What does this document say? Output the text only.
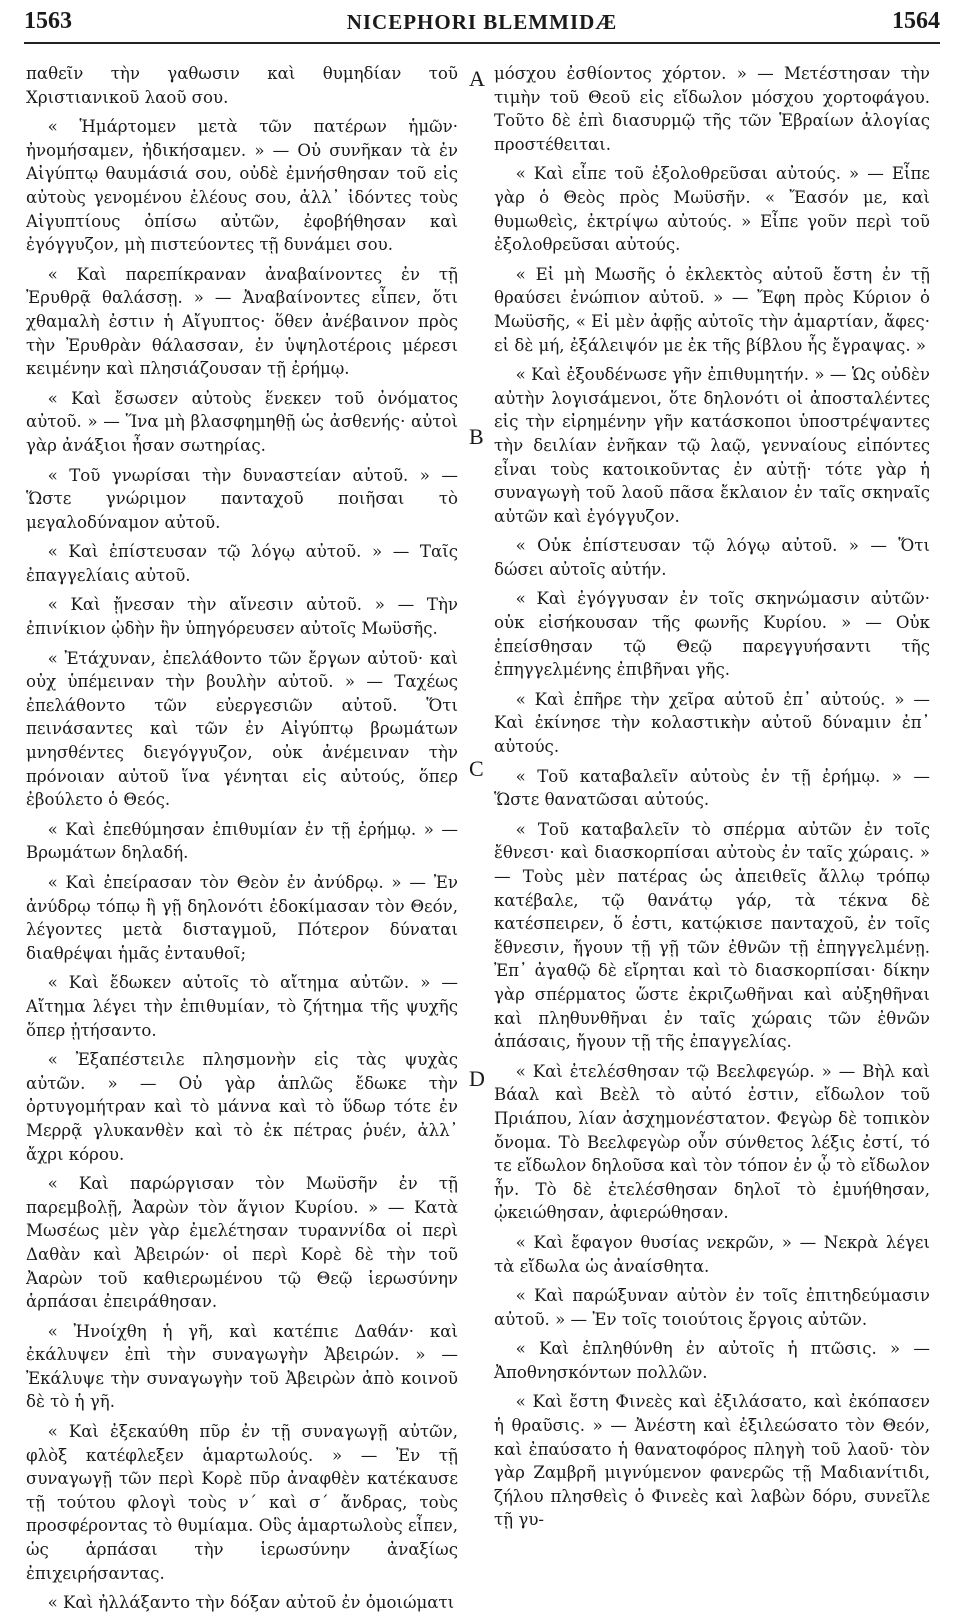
1563	NICEPHORI BLEMMIDÆ	1564

παθεῖν τὴν γαθωσιν καὶ θυμηδίαν τοῦ Χριστιανικοῦ λαοῦ σου.

« Ἡμάρτομεν μετὰ τῶν πατέρων ἡμῶν· ἠνομήσαμεν, ἠδικήσαμεν. » — Οὐ συνῆκαν τὰ ἐν Αἰγύπτῳ θαυμάσιά σου, οὐδὲ ἐμνήσθησαν τοῦ εἰς αὐτοὺς γενομένου ἐλέους σου, ἀλλ᾽ ἰδόντες τοὺς Αἰγυπτίους ὀπίσω αὐτῶν, ἐφοβήθησαν καὶ ἐγόγγυζον, μὴ πιστεύοντες τῇ δυνάμει σου.

« Καὶ παρεπίκραναν ἀναβαίνοντες ἐν τῇ Ἐρυθρᾷ θαλάσσῃ. » — Ἀναβαίνοντες εἶπεν, ὅτι χθαμαλὴ ἐστιν ἡ Αἴγυπτος· ὅθεν ἀνέβαινον πρὸς τὴν Ἐρυθρὰν θάλασσαν, ἐν ὑψηλοτέροις μέρεσι κειμένην καὶ πλησιάζουσαν τῇ ἐρήμῳ.

« Καὶ ἔσωσεν αὐτοὺς ἕνεκεν τοῦ ὀνόματος αὐτοῦ. » — Ἵνα μὴ βλασφημηθῇ ὡς ἀσθενής· αὐτοὶ γὰρ ἀνάξιοι ἦσαν σωτηρίας.

« Τοῦ γνωρίσαι τὴν δυναστείαν αὐτοῦ. » — Ὥστε γνώριμον πανταχοῦ ποιῆσαι τὸ μεγαλοδύναμον αὐτοῦ.

« Καὶ ἐπίστευσαν τῷ λόγῳ αὐτοῦ. » — Ταῖς ἐπαγγελίαις αὐτοῦ.

« Καὶ ᾔνεσαν τὴν αἴνεσιν αὐτοῦ. » — Τὴν ἐπινίκιον ᾠδὴν ἣν ὑπηγόρευσεν αὐτοῖς Μωϋσῆς.

« Ἐτάχυναν, ἐπελάθοντο τῶν ἔργων αὐτοῦ· καὶ οὐχ ὑπέμειναν τὴν βουλὴν αὐτοῦ. » — Ταχέως ἐπελάθοντο τῶν εὐεργεσιῶν αὐτοῦ. Ὅτι πεινάσαντες καὶ τῶν ἐν Αἰγύπτῳ βρωμάτων μνησθέντες διεγόγγυζον, οὐκ ἀνέμειναν τὴν πρόνοιαν αὐτοῦ ἵνα γένηται εἰς αὐτούς, ὅπερ ἐβούλετο ὁ Θεός.

« Καὶ ἐπεθύμησαν ἐπιθυμίαν ἐν τῇ ἐρήμῳ. » — Βρωμάτων δηλαδή.

« Καὶ ἐπείρασαν τὸν Θεὸν ἐν ἀνύδρῳ. » — Ἐν ἀνύδρῳ τόπῳ ἢ γῇ δηλονότι ἐδοκίμασαν τὸν Θεόν, λέγοντες μετὰ δισταγμοῦ, Πότερον δύναται διαθρέψαι ἡμᾶς ἐνταυθοῖ;

« Καὶ ἔδωκεν αὐτοῖς τὸ αἴτημα αὐτῶν. » — Αἴτημα λέγει τὴν ἐπιθυμίαν, τὸ ζήτημα τῆς ψυχῆς ὅπερ ᾐτήσαντο.

« Ἐξαπέστειλε πλησμονὴν εἰς τὰς ψυχὰς αὐτῶν. » — Οὐ γὰρ ἁπλῶς ἔδωκε τὴν ὀρτυγομήτραν καὶ τὸ μάννα καὶ τὸ ὕδωρ τότε ἐν Μερρᾷ γλυκανθὲν καὶ τὸ ἐκ πέτρας ῥυέν, ἀλλ᾽ ἄχρι κόρου.

« Καὶ παρώργισαν τὸν Μωϋσῆν ἐν τῇ παρεμβολῇ, Ἀαρὼν τὸν ἅγιον Κυρίου. » — Κατὰ Μωσέως μὲν γὰρ ἐμελέτησαν τυραννίδα οἱ περὶ Δαθὰν καὶ Ἀβειρών· οἱ περὶ Κορὲ δὲ τὴν τοῦ Ἀαρὼν τοῦ καθιερωμένου τῷ Θεῷ ἱερωσύνην ἁρπάσαι ἐπειράθησαν.

« Ἠνοίχθη ἡ γῆ, καὶ κατέπιε Δαθάν· καὶ ἐκάλυψεν ἐπὶ τὴν συναγωγὴν Ἀβειρών. » — Ἐκάλυψε τὴν συναγωγὴν τοῦ Ἀβειρὼν ἀπὸ κοινοῦ δὲ τὸ ἡ γῆ.

« Καὶ ἐξεκαύθη πῦρ ἐν τῇ συναγωγῇ αὐτῶν, φλὸξ κατέφλεξεν ἁμαρτωλούς. » — Ἐν τῇ συναγωγῇ τῶν περὶ Κορὲ πῦρ ἀναφθὲν κατέκαυσε τῇ τούτου φλογὶ τοὺς ν´ καὶ σ´ ἄνδρας, τοὺς προσφέροντας τὸ θυμίαμα. Οὓς ἁμαρτωλοὺς εἶπεν, ὡς ἁρπάσαι τὴν ἱερωσύνην ἀναξίως ἐπιχειρήσαντας.

« Καὶ ἠλλάξαντο τὴν δόξαν αὐτοῦ ἐν ὁμοιώματι

A
B
C
D

μόσχου ἐσθίοντος χόρτον. » — Μετέστησαν τὴν τιμὴν τοῦ Θεοῦ εἰς εἴδωλον μόσχου χορτοφάγου. Τοῦτο δὲ ἐπὶ διασυρμῷ τῆς τῶν Ἑβραίων ἀλογίας προστέθειται.

« Καὶ εἶπε τοῦ ἐξολοθρεῦσαι αὐτούς. » — Εἶπε γὰρ ὁ Θεὸς πρὸς Μωϋσῆν. « Ἔασόν με, καὶ θυμωθεὶς, ἐκτρίψω αὐτούς. » Εἶπε γοῦν περὶ τοῦ ἐξολοθρεῦσαι αὐτούς.

« Εἰ μὴ Μωσῆς ὁ ἐκλεκτὸς αὐτοῦ ἔστη ἐν τῇ θραύσει ἐνώπιον αὐτοῦ. » — Ἔφη πρὸς Κύριον ὁ Μωϋσῆς, « Εἰ μὲν ἀφῇς αὐτοῖς τὴν ἁμαρτίαν, ἄφες· εἰ δὲ μή, ἐξάλειψόν με ἐκ τῆς βίβλου ἧς ἔγραψας. »

« Καὶ ἐξουδένωσε γῆν ἐπιθυμητήν. » — Ὡς οὐδὲν αὐτὴν λογισάμενοι, ὅτε δηλονότι οἱ ἀποσταλέντες εἰς τὴν εἰρημένην γῆν κατάσκοποι ὑποστρέψαντες τὴν δειλίαν ἐνῆκαν τῷ λαῷ, γενναίους εἰπόντες εἶναι τοὺς κατοικοῦντας ἐν αὐτῇ· τότε γὰρ ἡ συναγωγὴ τοῦ λαοῦ πᾶσα ἔκλαιον ἐν ταῖς σκηναῖς αὐτῶν καὶ ἐγόγγυζον.

« Οὐκ ἐπίστευσαν τῷ λόγῳ αὐτοῦ. » — Ὅτι δώσει αὐτοῖς αὐτήν.

« Καὶ ἐγόγγυσαν ἐν τοῖς σκηνώμασιν αὐτῶν· οὐκ εἰσήκουσαν τῆς φωνῆς Κυρίου. » — Οὐκ ἐπείσθησαν τῷ Θεῷ παρεγγυήσαντι τῆς ἐπηγγελμένης ἐπιβῆναι γῆς.

« Καὶ ἐπῆρε τὴν χεῖρα αὐτοῦ ἐπ᾽ αὐτούς. » — Καὶ ἐκίνησε τὴν κολαστικὴν αὐτοῦ δύναμιν ἐπ᾽ αὐτούς.

« Τοῦ καταβαλεῖν αὐτοὺς ἐν τῇ ἐρήμῳ. » — Ὥστε θανατῶσαι αὐτούς.

« Τοῦ καταβαλεῖν τὸ σπέρμα αὐτῶν ἐν τοῖς ἔθνεσι· καὶ διασκορπίσαι αὐτοὺς ἐν ταῖς χώραις. » — Τοὺς μὲν πατέρας ὡς ἀπειθεῖς ἄλλῳ τρόπῳ κατέβαλε, τῷ θανάτῳ γάρ, τὰ τέκνα δὲ κατέσπειρεν, ὅ ἐστι, κατῴκισε πανταχοῦ, ἐν τοῖς ἔθνεσιν, ἤγουν τῇ γῇ τῶν ἐθνῶν τῇ ἐπηγγελμένῃ. Ἐπ᾽ ἀγαθῷ δὲ εἴρηται καὶ τὸ διασκορπίσαι· δίκην γὰρ σπέρματος ὥστε ἐκριζωθῆναι καὶ αὐξηθῆναι καὶ πληθυνθῆναι ἐν ταῖς χώραις τῶν ἐθνῶν ἁπάσαις, ἤγουν τῇ τῆς ἐπαγγελίας.

« Καὶ ἐτελέσθησαν τῷ Βεελφεγώρ. » — Βὴλ καὶ Βάαλ καὶ Βεὲλ τὸ αὐτό ἐστιν, εἴδωλον τοῦ Πριάπου, λίαν ἀσχημονέστατον. Φεγὼρ δὲ τοπικὸν ὄνομα. Τὸ Βεελφεγὼρ οὖν σύνθετος λέξις ἐστί, τό τε εἴδωλον δηλοῦσα καὶ τὸν τόπον ἐν ᾧ τὸ εἴδωλον ἦν. Τὸ δὲ ἐτελέσθησαν δηλοῖ τὸ ἐμυήθησαν, ᾠκειώθησαν, ἀφιερώθησαν.

« Καὶ ἔφαγον θυσίας νεκρῶν, » — Νεκρὰ λέγει τὰ εἴδωλα ὡς ἀναίσθητα.

« Καὶ παρώξυναν αὐτὸν ἐν τοῖς ἐπιτηδεύμασιν αὐτοῦ. » — Ἐν τοῖς τοιούτοις ἔργοις αὐτῶν.

« Καὶ ἐπληθύνθη ἐν αὐτοῖς ἡ πτῶσις. » — Ἀποθνησκόντων πολλῶν.

« Καὶ ἔστη Φινεὲς καὶ ἐξιλάσατο, καὶ ἐκόπασεν ἡ θραῦσις. » — Ἀνέστη καὶ ἐξιλεώσατο τὸν Θεόν, καὶ ἐπαύσατο ἡ θανατοφόρος πληγὴ τοῦ λαοῦ· τὸν γὰρ Ζαμβρῆ μιγνύμενον φανερῶς τῇ Μαδιανίτιδι, ζήλου πλησθεὶς ὁ Φινεὲς καὶ λαβὼν δόρυ, συνεῖλε τῇ γυ-
